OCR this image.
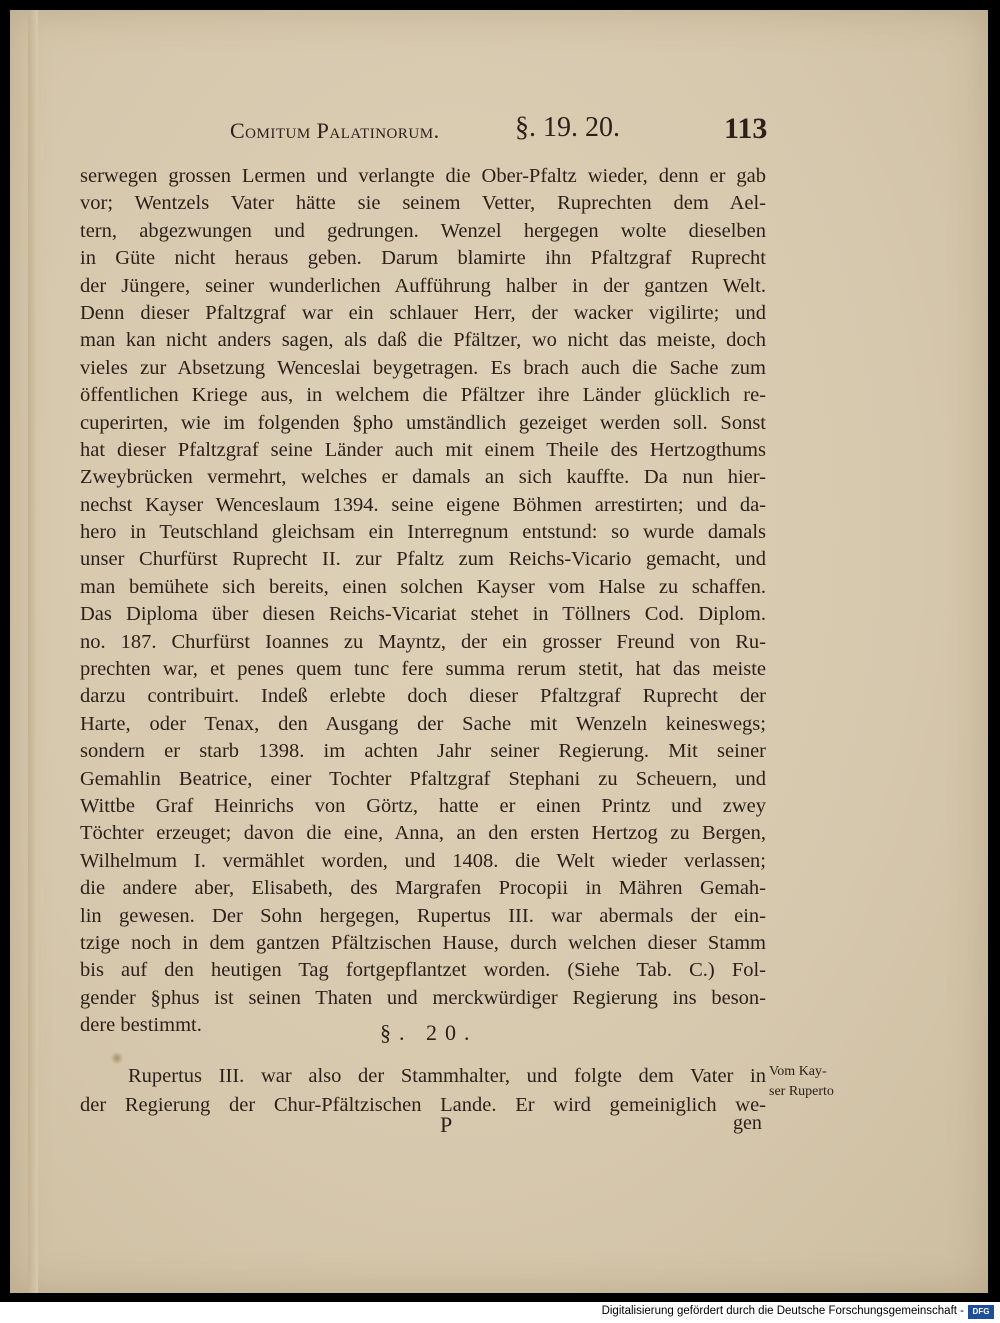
Comitum Palatinorum.	§. 19. 20.	113
serwegen grossen Lermen und verlangte die Ober-Pfaltz wieder, denn er gab
vor; Wentzels Vater hätte sie seinem Vetter, Ruprechten dem Ael-
tern, abgezwungen und gedrungen. Wenzel hergegen wolte dieselben
in Güte nicht heraus geben. Darum blamirte ihn Pfaltzgraf Ruprecht
der Jüngere, seiner wunderlichen Aufführung halber in der gantzen Welt.
Denn dieser Pfaltzgraf war ein schlauer Herr, der wacker vigilirte; und
man kan nicht anders sagen, als daß die Pfältzer, wo nicht das meiste, doch
vieles zur Absetzung Wenceslai beygetragen. Es brach auch die Sache zum
öffentlichen Kriege aus, in welchem die Pfältzer ihre Länder glücklich re-
cuperirten, wie im folgenden §pho umständlich gezeiget werden soll. Sonst
hat dieser Pfaltzgraf seine Länder auch mit einem Theile des Hertzogthums
Zweybrücken vermehrt, welches er damals an sich kauffte. Da nun hier-
nechst Kayser Wenceslaum 1394. seine eigene Böhmen arrestirten; und da-
hero in Teutschland gleichsam ein Interregnum entstund: so wurde damals
unser Churfürst Ruprecht II. zur Pfaltz zum Reichs-Vicario gemacht, und
man bemühete sich bereits, einen solchen Kayser vom Halse zu schaffen.
Das Diploma über diesen Reichs-Vicariat stehet in Töllners Cod. Diplom.
no. 187. Churfürst Ioannes zu Mayntz, der ein grosser Freund von Ru-
prechten war, et penes quem tunc fere summa rerum stetit, hat das meiste
darzu contribuirt. Indeß erlebte doch dieser Pfaltzgraf Ruprecht der
Harte, oder Tenax, den Ausgang der Sache mit Wenzeln keineswegs;
sondern er starb 1398. im achten Jahr seiner Regierung. Mit seiner
Gemahlin Beatrice, einer Tochter Pfaltzgraf Stephani zu Scheuern, und
Wittbe Graf Heinrichs von Görtz, hatte er einen Printz und zwey
Töchter erzeuget; davon die eine, Anna, an den ersten Hertzog zu Bergen,
Wilhelmum I. vermählet worden, und 1408. die Welt wieder verlassen;
die andere aber, Elisabeth, des Margrafen Procopii in Mähren Gemah-
lin gewesen. Der Sohn hergegen, Rupertus III. war abermals der ein-
tzige noch in dem gantzen Pfältzischen Hause, durch welchen dieser Stamm
bis auf den heutigen Tag fortgepflantzet worden. (Siehe Tab. C.) Fol-
gender §phus ist seinen Thaten und merckwürdiger Regierung ins beson-
dere bestimmt.	§. 20.
Rupertus III. war also der Stammhalter, und folgte dem Vater in
der Regierung der Chur-Pfältzischen Lande. Er wird gemeiniglich we-
Vom Kay-
ser Ruperto
P	gen
Digitalisierung gefördert durch die Deutsche Forschungsgemeinschaft -	DFG
